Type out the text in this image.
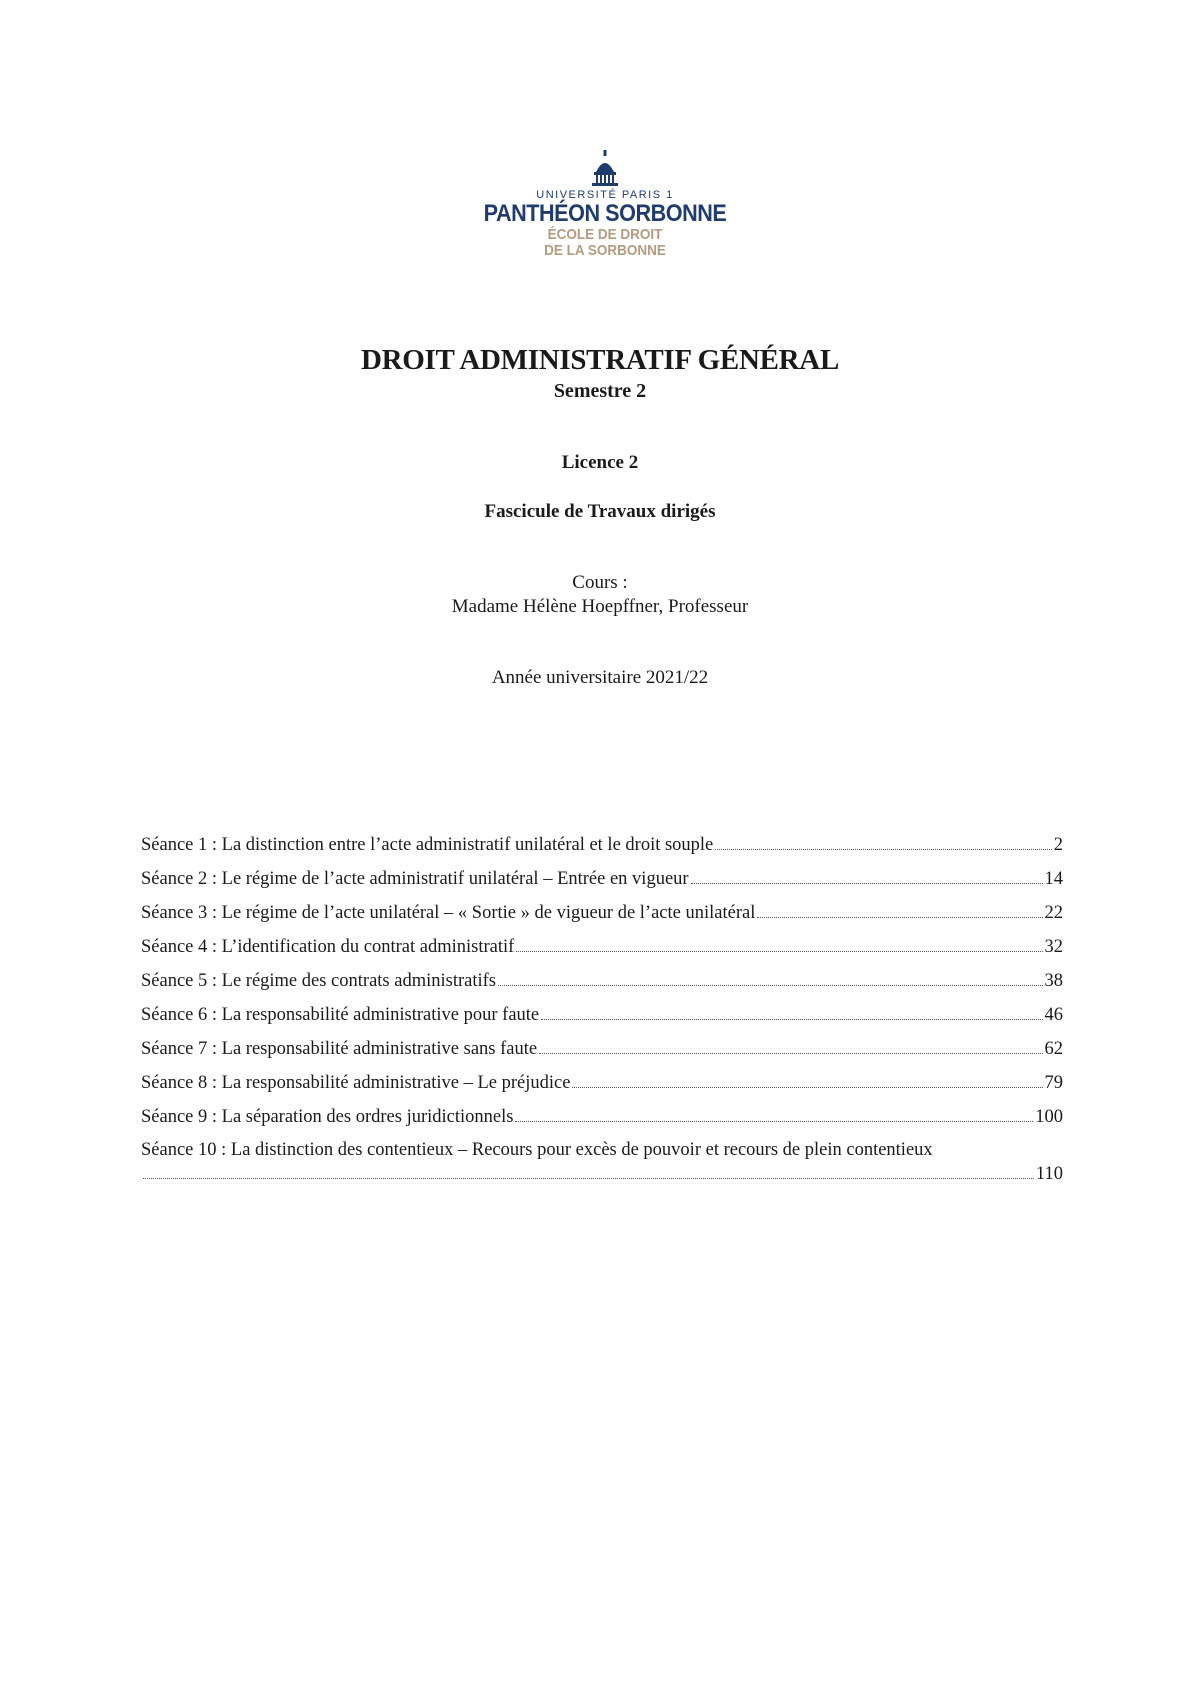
UNIVERSITÉ PARIS 1
PANTHÉON SORBONNE
ÉCOLE DE DROIT
DE LA SORBONNE
DROIT ADMINISTRATIF GÉNÉRAL
Semestre 2
Licence 2
Fascicule de Travaux dirigés
Cours :
Madame Hélène Hoepffner, Professeur
Année universitaire 2021/22
Séance 1 : La distinction entre l’acte administratif unilatéral et le droit souple	2
Séance 2 : Le régime de l’acte administratif unilatéral – Entrée en vigueur	14
Séance 3 : Le régime de l’acte unilatéral – « Sortie » de vigueur de l’acte unilatéral	22
Séance 4 : L’identification du contrat administratif	32
Séance 5 : Le régime des contrats administratifs	38
Séance 6 : La responsabilité administrative pour faute	46
Séance 7 : La responsabilité administrative sans faute	62
Séance 8 : La responsabilité administrative – Le préjudice	79
Séance 9 : La séparation des ordres juridictionnels	100
Séance 10 : La distinction des contentieux – Recours pour excès de pouvoir et recours de plein contentieux
110
